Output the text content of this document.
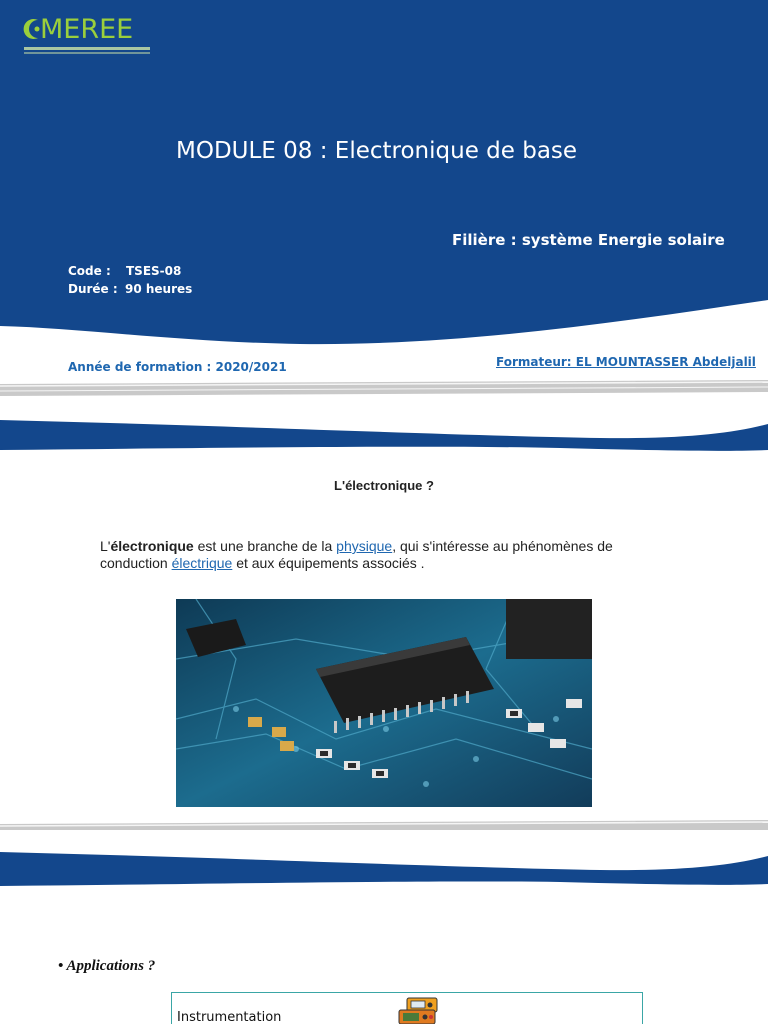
MEREE
MODULE 08 : Electronique de base
Filière : système Energie solaire
Code : TSES-08
Durée : 90 heures
Année de formation : 2020/2021	Formateur: EL MOUNTASSER Abdeljalil
L'électronique ?
L'électronique est une branche de la physique, qui s'intéresse au phénomènes de conduction électrique et aux équipements associés .
• Applications ?
Instrumentation
